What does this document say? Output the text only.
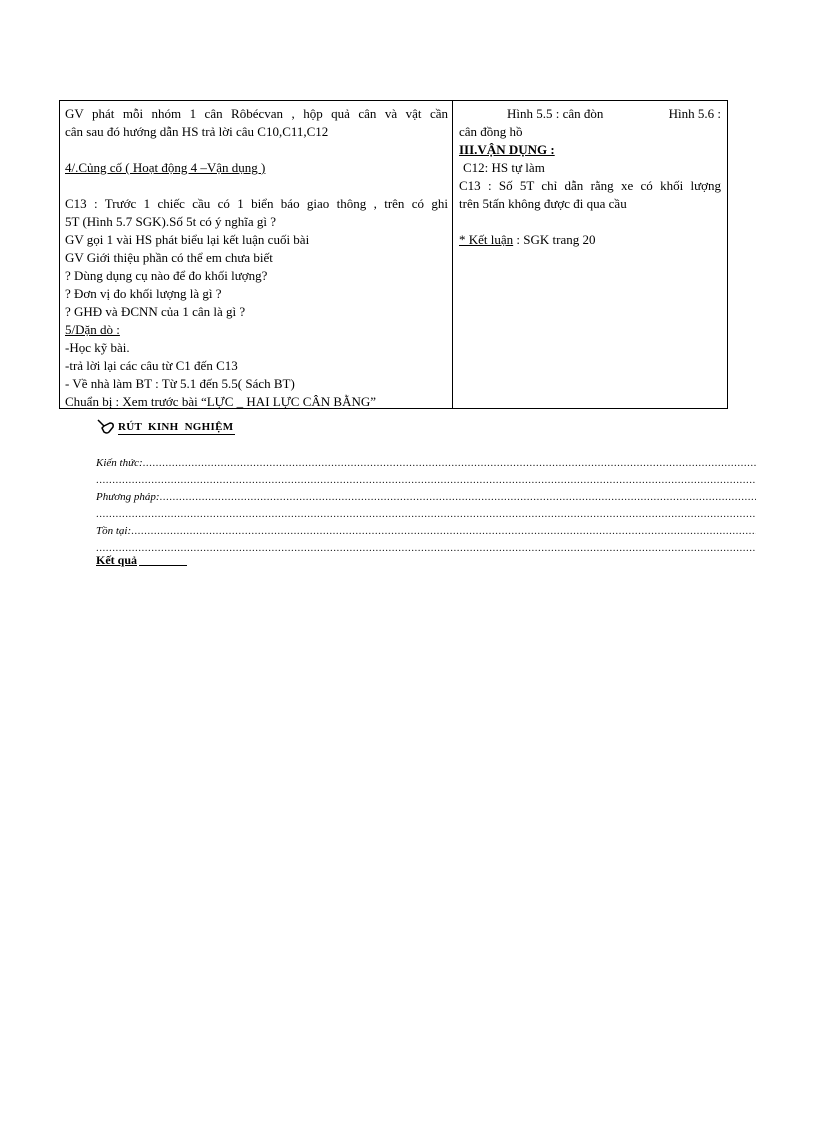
GV phát mỗi nhóm 1 cân Rôbécvan , hộp quả cân và vật cần
cân sau đó hướng dẫn HS trả lời câu C10,C11,C12
4/.Củng cố ( Hoạt động 4 –Vận dụng )
C13 : Trước 1 chiếc cầu có 1 biển báo giao thông , trên có ghi
5T (Hình 5.7 SGK).Số 5t có ý nghĩa gì ?
GV gọi 1 vài HS phát biểu lại kết luận cuối bài
GV Giới thiệu phần có thể em chưa biết
? Dùng dụng cụ nào để đo khối lượng?
? Đơn vị đo khối lượng là gì ?
? GHĐ và ĐCNN của 1 cân là gì ?
5/Dặn dò :
-Học kỹ bài.
-trả lời lại các câu từ C1 đến C13
- Về nhà làm BT : Từ 5.1 đến 5.5( Sách BT)
Chuẩn bị : Xem trước bài “LỰC _ HAI LỰC CÂN BẰNG”
Hình 5.5 : cân đòn	Hình 5.6 :
cân đồng hồ
III.VẬN DỤNG :
C12: HS tự làm
C13 : Số 5T chỉ dẫn rằng xe có khối lượng
trên 5tấn không được đi qua cầu
* Kết luận : SGK trang 20
RÚT KINH NGHIỆM
Kiến thức:
.....
.....
Phương pháp:
.....
.....
Tồn tại:
.....
.....
Kết quả
